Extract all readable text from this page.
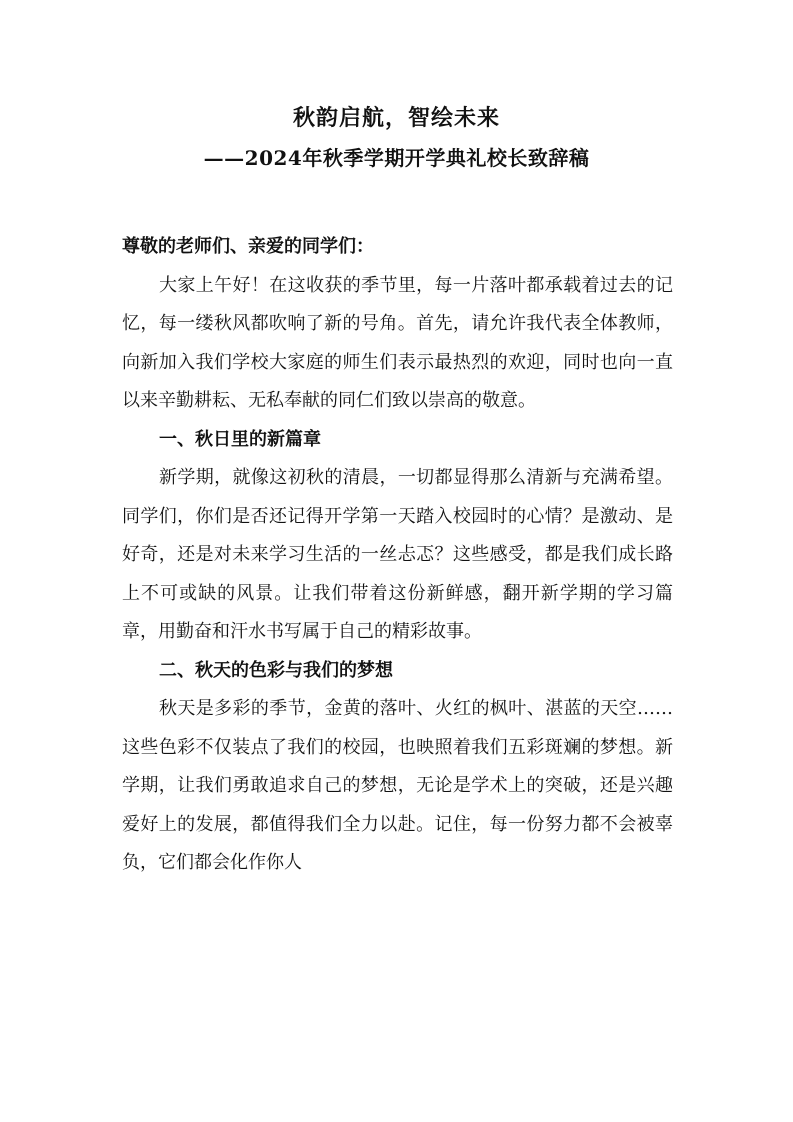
秋韵启航，智绘未来
——2024年秋季学期开学典礼校长致辞稿

尊敬的老师们、亲爱的同学们：

大家上午好！在这收获的季节里，每一片落叶都承载着过去的记忆，每一缕秋风都吹响了新的号角。首先，请允许我代表全体教师，向新加入我们学校大家庭的师生们表示最热烈的欢迎，同时也向一直以来辛勤耕耘、无私奉献的同仁们致以崇高的敬意。

一、秋日里的新篇章

新学期，就像这初秋的清晨，一切都显得那么清新与充满希望。同学们，你们是否还记得开学第一天踏入校园时的心情？是激动、是好奇，还是对未来学习生活的一丝忐忑？这些感受，都是我们成长路上不可或缺的风景。让我们带着这份新鲜感，翻开新学期的学习篇章，用勤奋和汗水书写属于自己的精彩故事。

二、秋天的色彩与我们的梦想

秋天是多彩的季节，金黄的落叶、火红的枫叶、湛蓝的天空……这些色彩不仅装点了我们的校园，也映照着我们五彩斑斓的梦想。新学期，让我们勇敢追求自己的梦想，无论是学术上的突破，还是兴趣爱好上的发展，都值得我们全力以赴。记住，每一份努力都不会被辜负，它们都会化作你人
